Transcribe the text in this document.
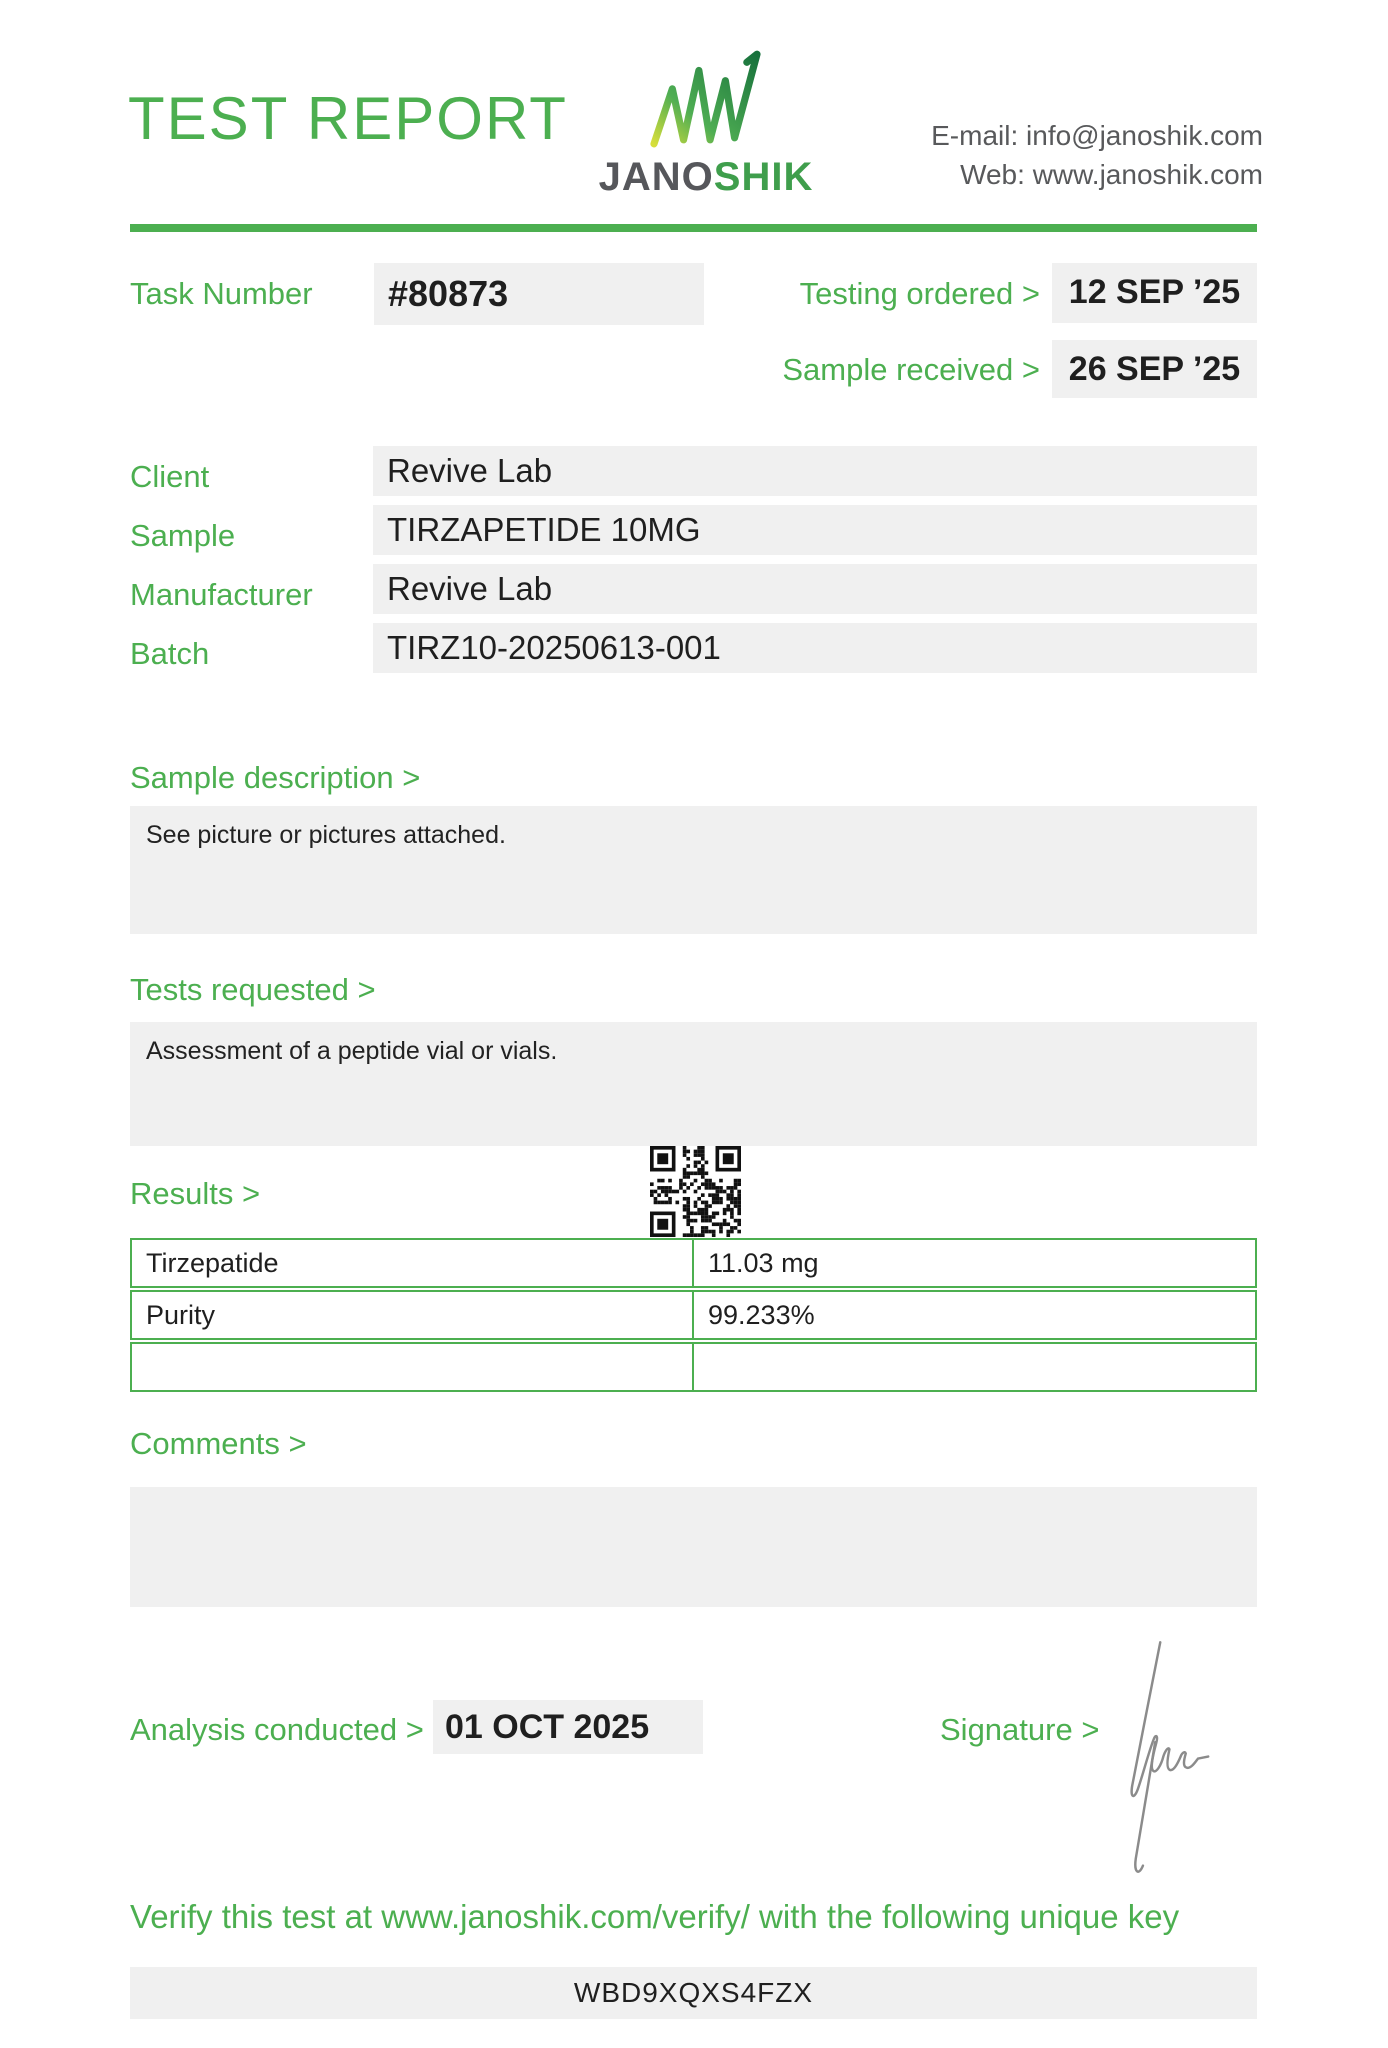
TEST REPORT
JANOSHIK
E-mail: info@janoshik.com
Web: www.janoshik.com
Task Number	#80873	Testing ordered > 12 SEP ’25
Sample received > 26 SEP ’25
Client	Revive Lab
Sample	TIRZAPETIDE 10MG
Manufacturer	Revive Lab
Batch	TIRZ10-20250613-001
Sample description >

See picture or pictures attached.

Tests requested >

Assessment of a peptide vial or vials.

Results >
Tirzepatide	11.03 mg
Purity	99.233%
Comments >

Analysis conducted > 01 OCT 2025	Signature >
Verify this test at www.janoshik.com/verify/ with the following unique key
WBD9XQXS4FZX
